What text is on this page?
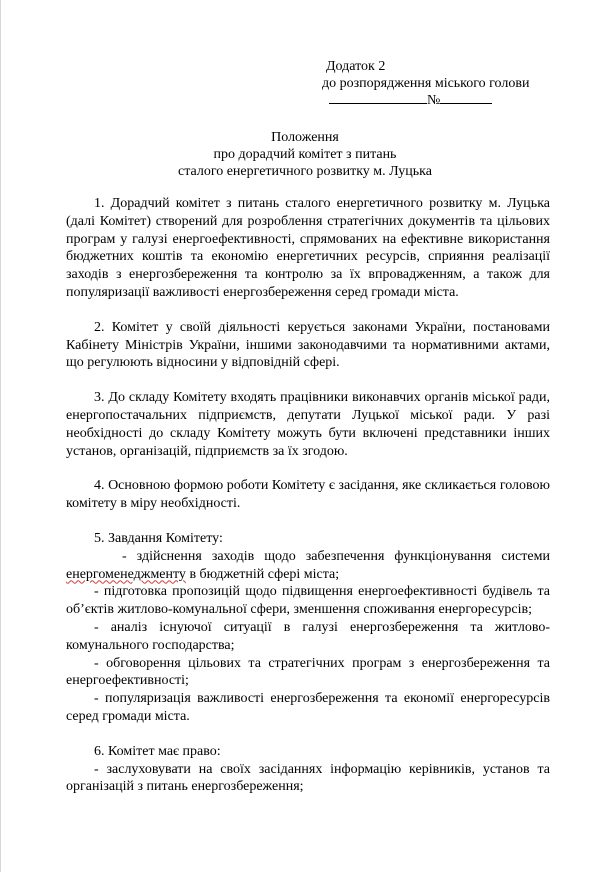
Додаток 2
до розпорядження міського голови
№
Положення
про дорадчий комітет з питань
сталого енергетичного розвитку м. Луцька

1. Дорадчий комітет з питань сталого енергетичного розвитку м. Луцька (далі Комітет) створений для розроблення стратегічних документів та цільових програм у галузі енергоефективності, спрямованих на ефективне використання бюджетних коштів та економію енергетичних ресурсів, сприяння реалізації заходів з енергозбереження та контролю за їх впровадженням, а також для популяризації важливості енергозбереження серед громади міста.

2. Комітет у своїй діяльності керується законами України, постановами Кабінету Міністрів України, іншими законодавчими та нормативними актами, що регулюють відносини у відповідній сфері.

3. До складу Комітету входять працівники виконавчих органів міської ради, енергопостачальних підприємств, депутати Луцької міської ради. У разі необхідності до складу Комітету можуть бути включені представники інших установ, організацій, підприємств за їх згодою.

4. Основною формою роботи Комітету є засідання, яке скликається головою комітету в міру необхідності.

5. Завдання Комітету:

- здійснення заходів щодо забезпечення функціонування системи
енергоменеджменту в бюджетній сфері міста;

- підготовка пропозицій щодо підвищення енергоефективності будівель та об’єктів житлово-комунальної сфери, зменшення споживання енергоресурсів;

- аналіз існуючої ситуації в галузі енергозбереження та житлово-комунального господарства;

- обговорення цільових та стратегічних програм з енергозбереження та енергоефективності;

- популяризація важливості енергозбереження та економії енергоресурсів серед громади міста.

6. Комітет має право:

- заслуховувати на своїх засіданнях інформацію керівників, установ та організацій з питань енергозбереження;
